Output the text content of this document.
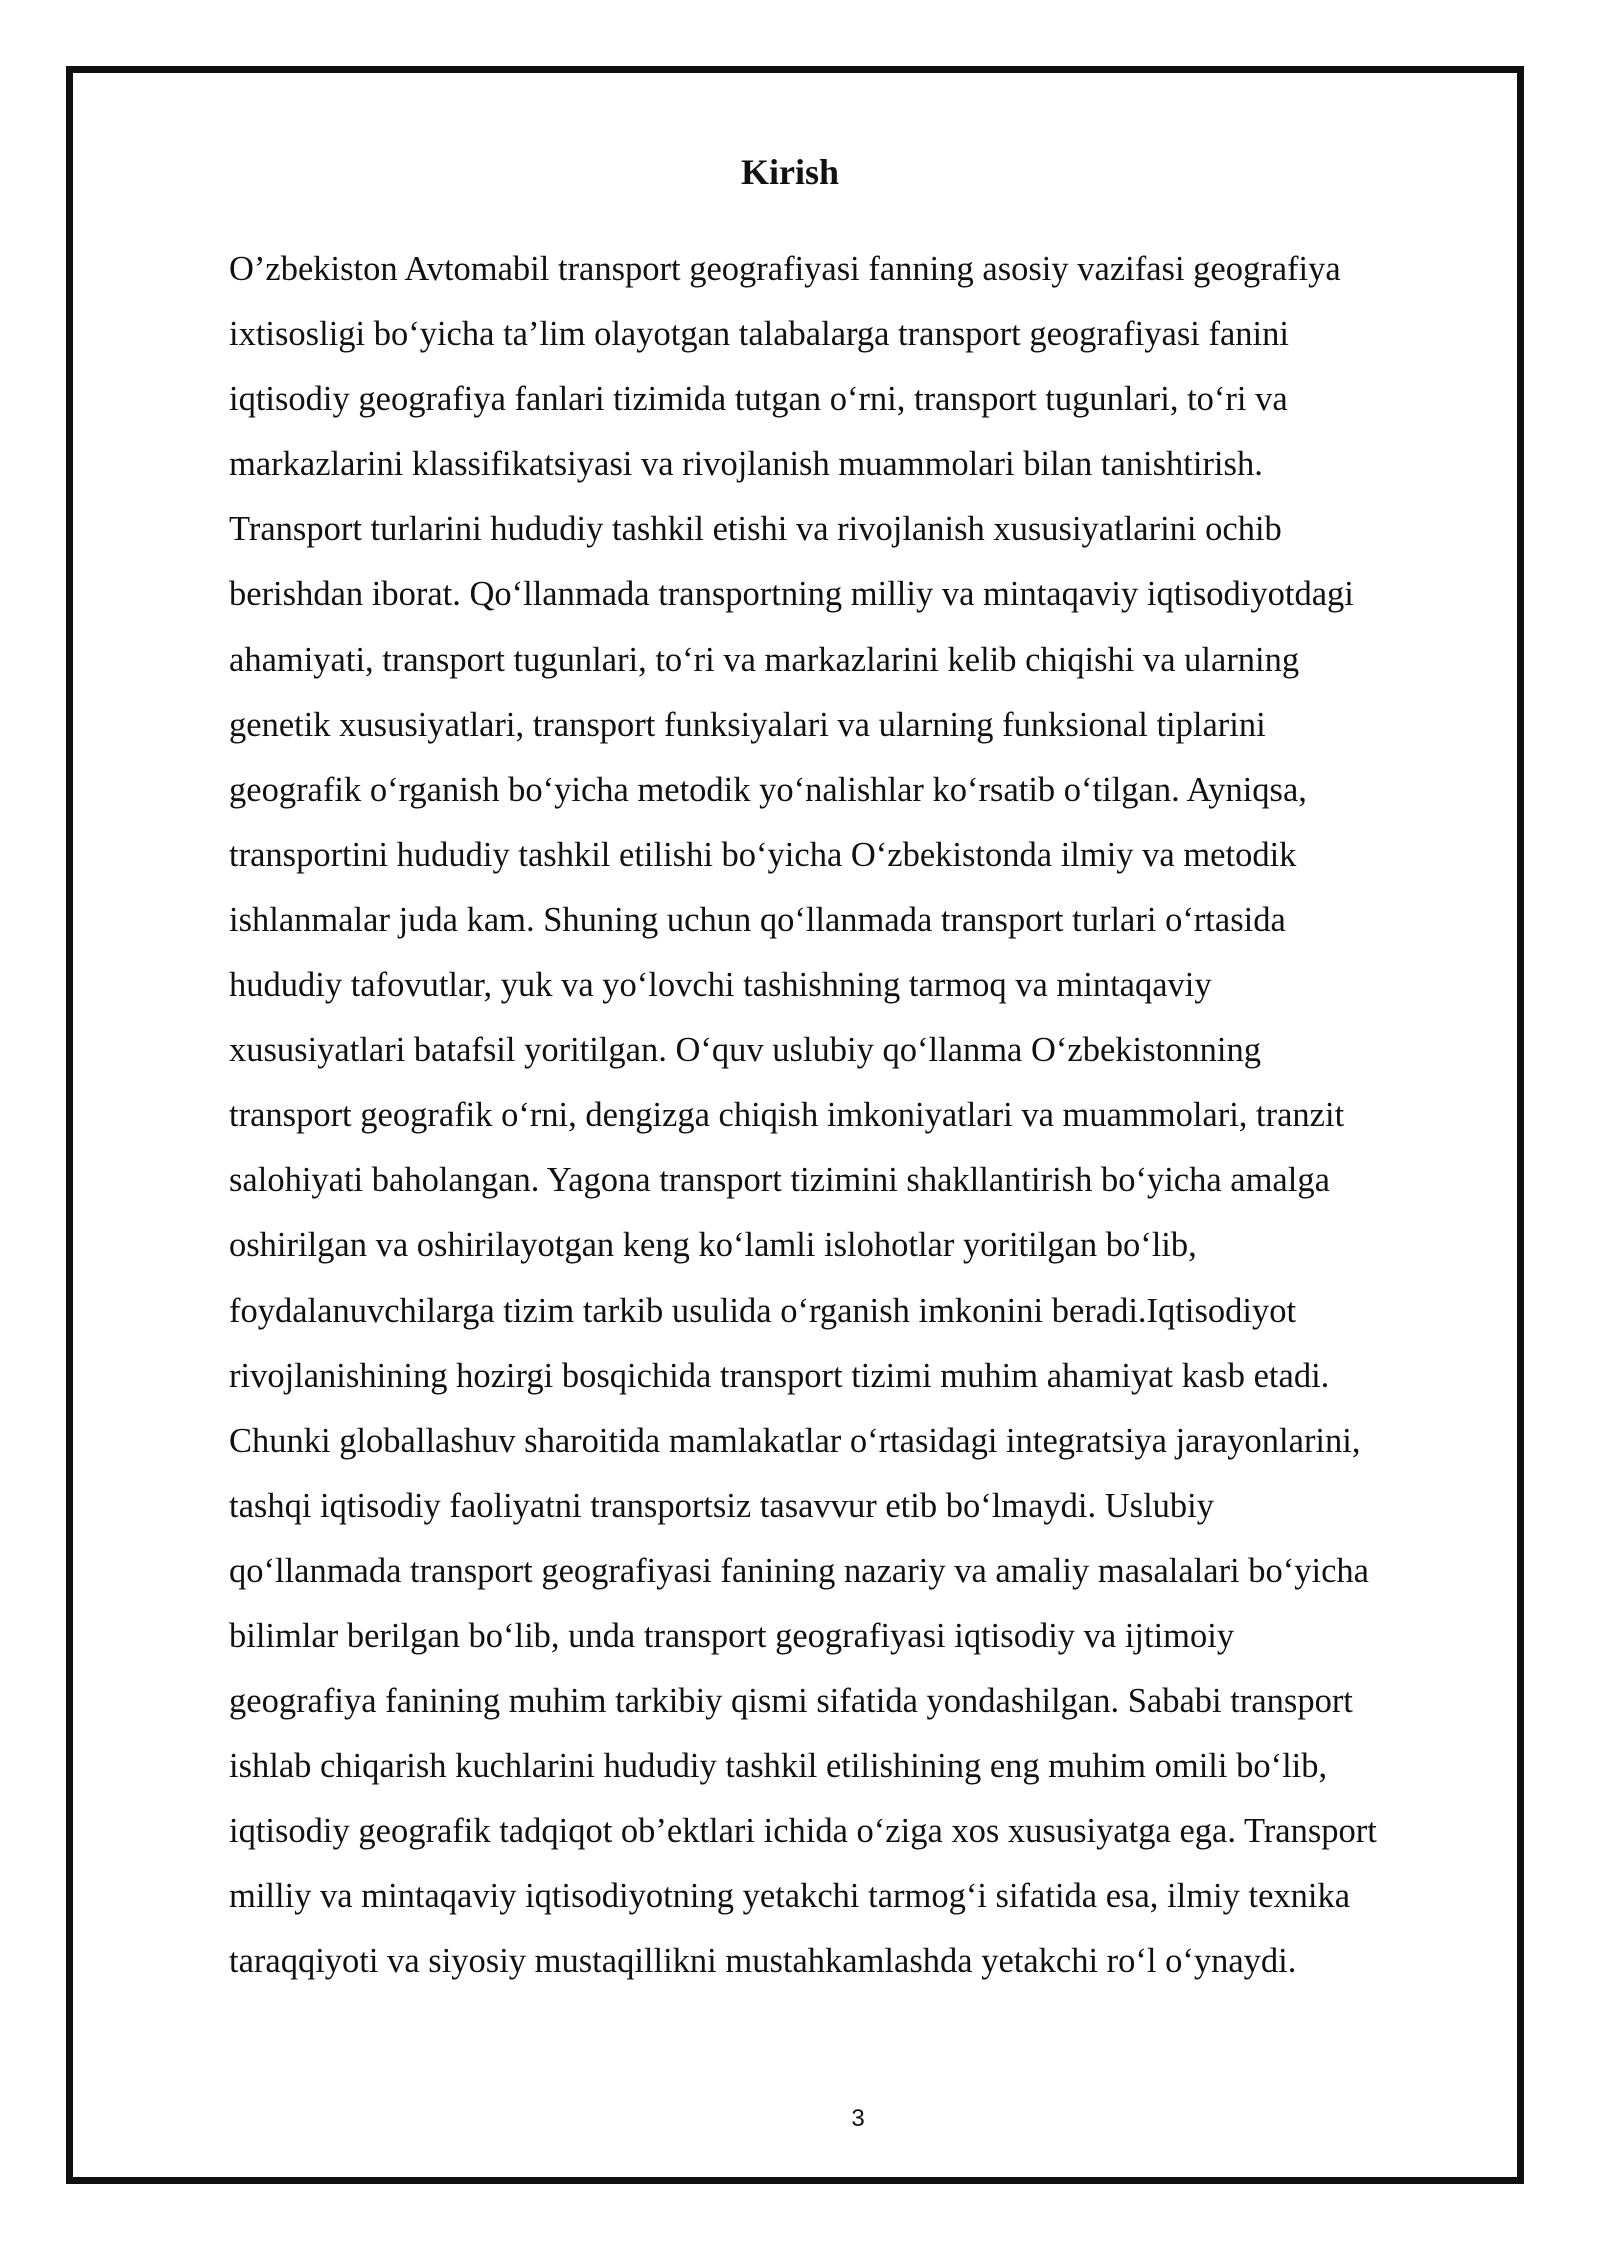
Kirish
O’zbekiston Avtomabil transport geografiyasi fanning asosiy vazifasi geografiya
ixtisosligi bo‘yicha ta’lim olayotgan talabalarga transport geografiyasi fanini
iqtisodiy geografiya fanlari tizimida tutgan o‘rni, transport tugunlari, to‘ri va
markazlarini klassifikatsiyasi va rivojlanish muammolari bilan tanishtirish.
Transport turlarini hududiy tashkil etishi va rivojlanish xususiyatlarini ochib
berishdan iborat. Qo‘llanmada transportning milliy va mintaqaviy iqtisodiyotdagi
ahamiyati, transport tugunlari, to‘ri va markazlarini kelib chiqishi va ularning
genetik xususiyatlari, transport funksiyalari va ularning funksional tiplarini
geografik o‘rganish bo‘yicha metodik yo‘nalishlar ko‘rsatib o‘tilgan. Ayniqsa,
transportini hududiy tashkil etilishi bo‘yicha O‘zbekistonda ilmiy va metodik
ishlanmalar juda kam. Shuning uchun qo‘llanmada transport turlari o‘rtasida
hududiy tafovutlar, yuk va yo‘lovchi tashishning tarmoq va mintaqaviy
xususiyatlari batafsil yoritilgan. O‘quv uslubiy qo‘llanma O‘zbekistonning
transport geografik o‘rni, dengizga chiqish imkoniyatlari va muammolari, tranzit
salohiyati baholangan. Yagona transport tizimini shakllantirish bo‘yicha amalga
oshirilgan va oshirilayotgan keng ko‘lamli islohotlar yoritilgan bo‘lib,
foydalanuvchilarga tizim tarkib usulida o‘rganish imkonini beradi.Iqtisodiyot
rivojlanishining hozirgi bosqichida transport tizimi muhim ahamiyat kasb etadi.
Chunki globallashuv sharoitida mamlakatlar o‘rtasidagi integratsiya jarayonlarini,
tashqi iqtisodiy faoliyatni transportsiz tasavvur etib bo‘lmaydi. Uslubiy
qo‘llanmada transport geografiyasi fanining nazariy va amaliy masalalari bo‘yicha
bilimlar berilgan bo‘lib, unda transport geografiyasi iqtisodiy va ijtimoiy
geografiya fanining muhim tarkibiy qismi sifatida yondashilgan. Sababi transport
ishlab chiqarish kuchlarini hududiy tashkil etilishining eng muhim omili bo‘lib,
iqtisodiy geografik tadqiqot ob’ektlari ichida o‘ziga xos xususiyatga ega. Transport
milliy va mintaqaviy iqtisodiyotning yetakchi tarmog‘i sifatida esa, ilmiy texnika
taraqqiyoti va siyosiy mustaqillikni mustahkamlashda yetakchi ro‘l o‘ynaydi.
3
